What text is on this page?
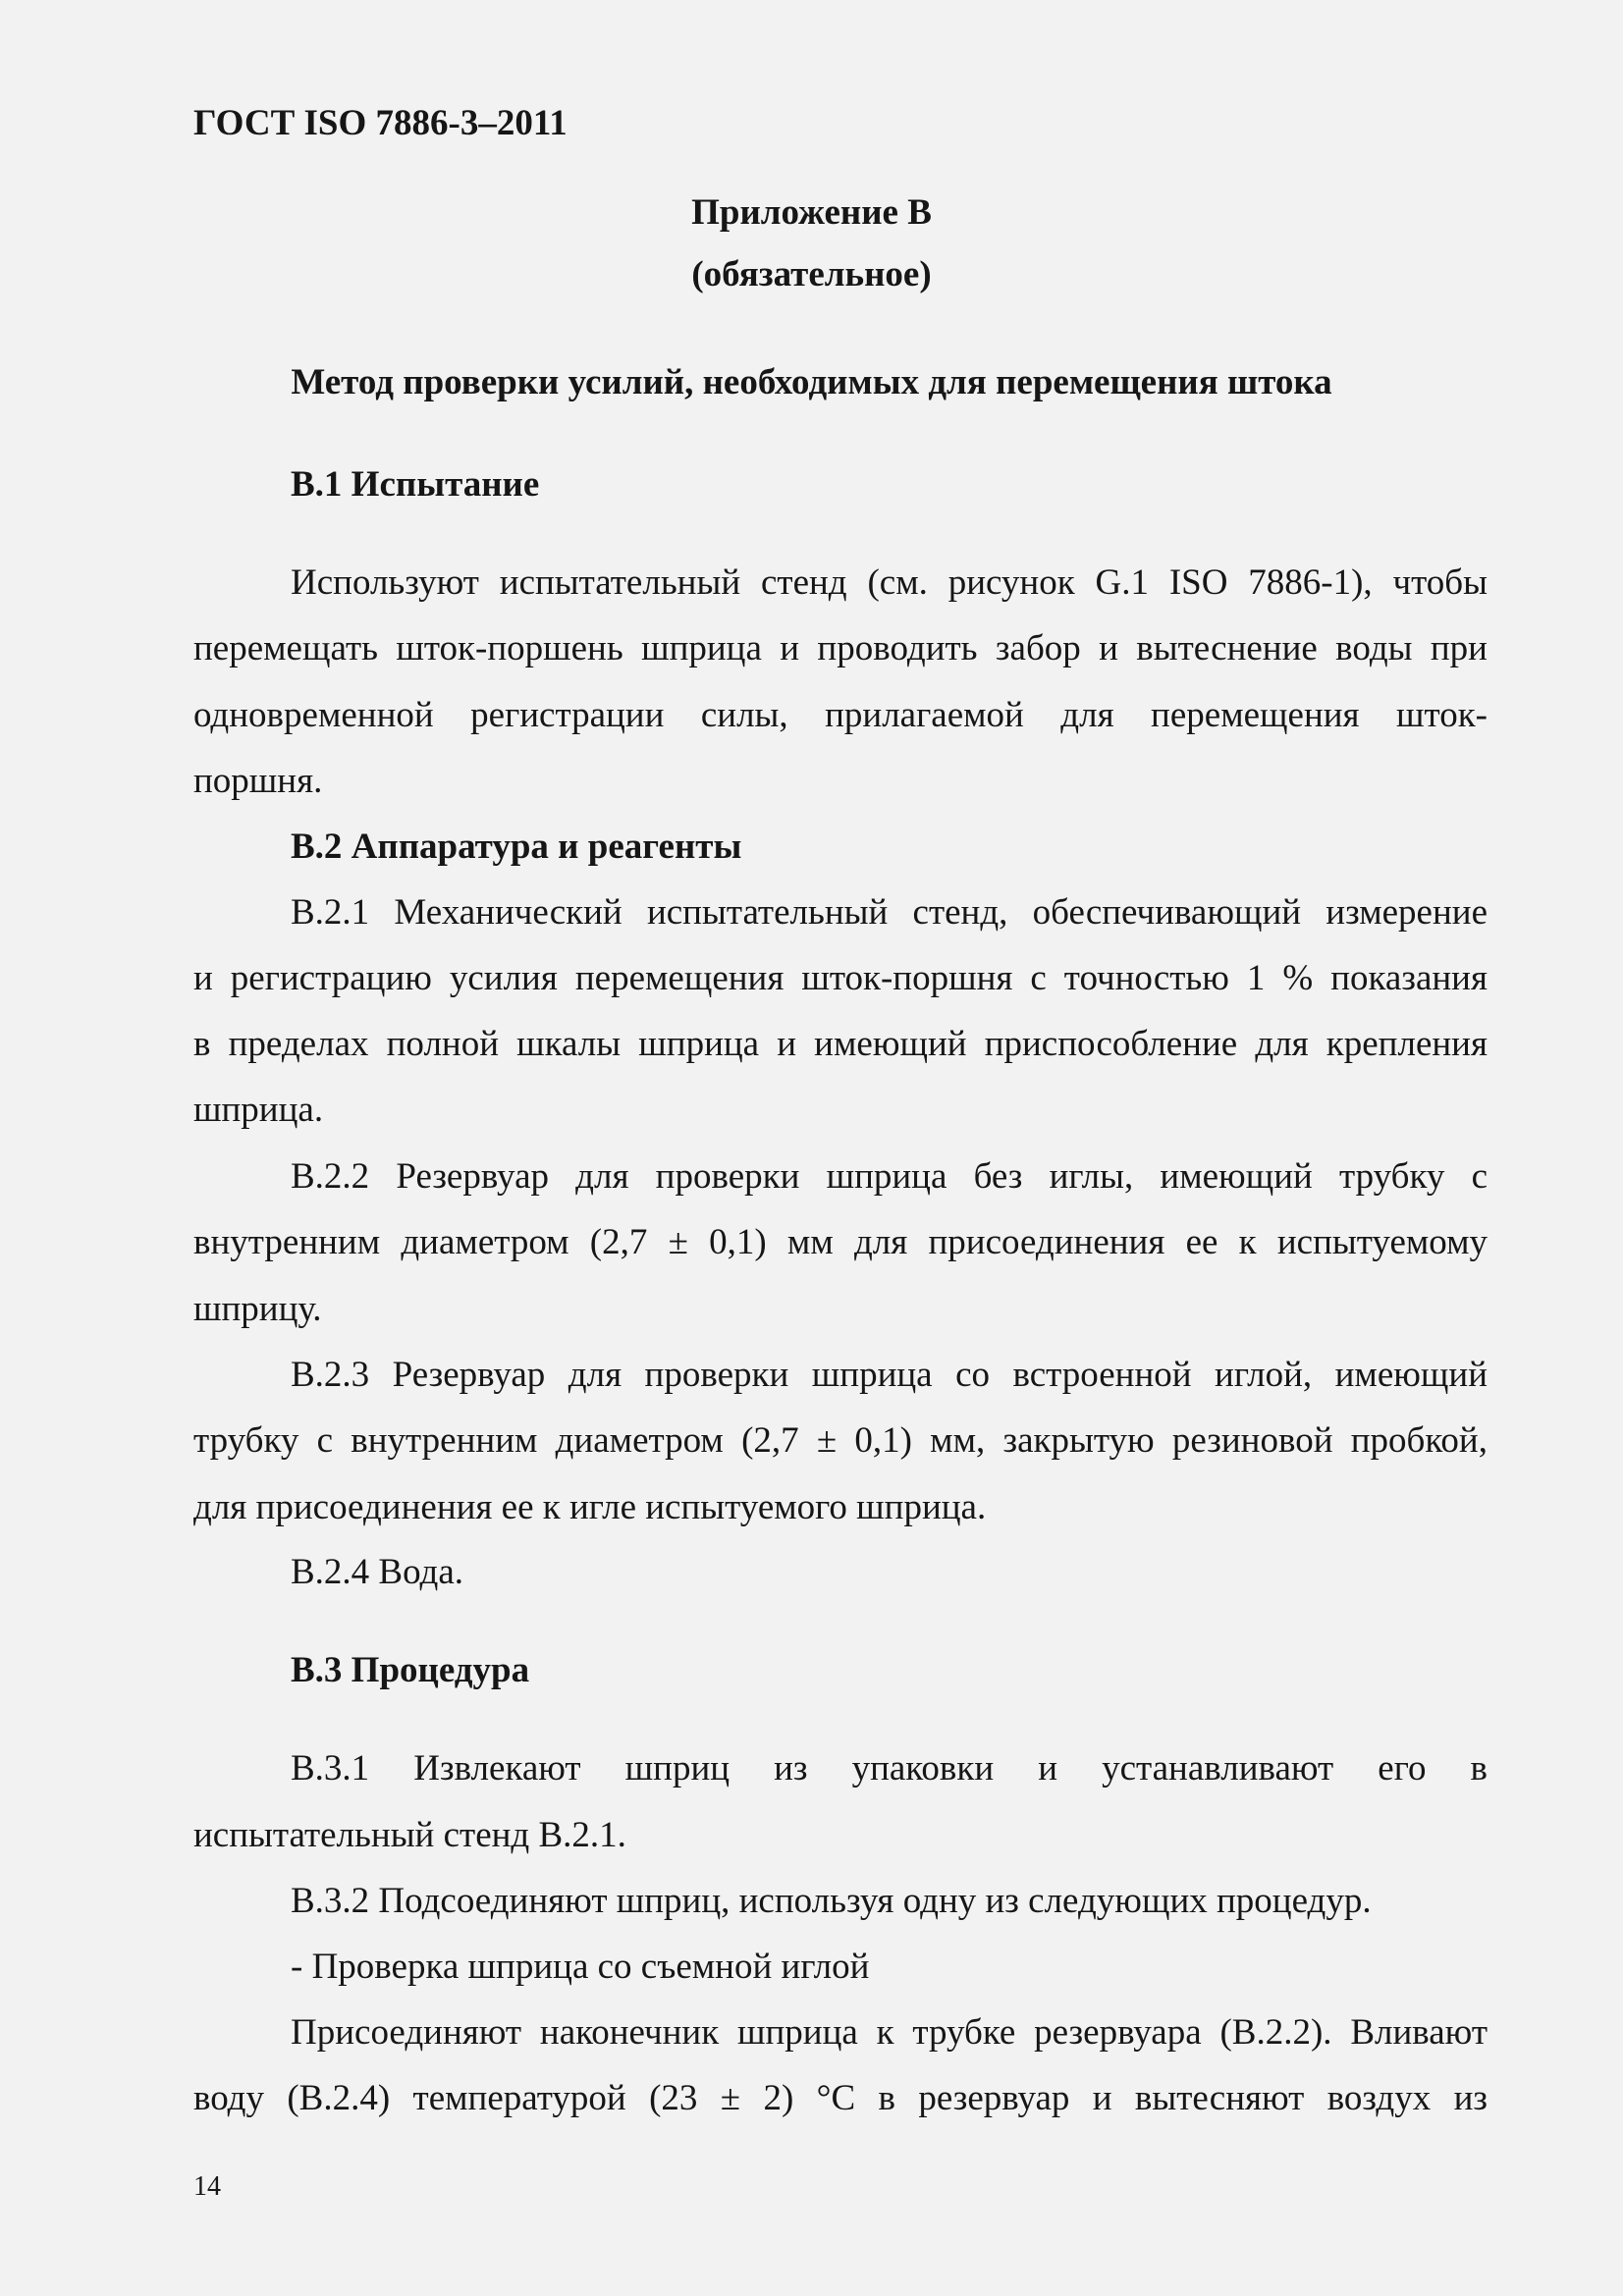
ГОСТ ISO 7886-3–2011

Приложение В

(обязательное)

Метод проверки усилий, необходимых для перемещения штока

В.1 Испытание

Используют испытательный стенд (см. рисунок G.1 ISO 7886-1), чтобы

перемещать шток-поршень шприца и проводить забор и вытеснение воды при

одновременной регистрации силы, прилагаемой для перемещения шток-

поршня.

В.2 Аппаратура и реагенты

В.2.1 Механический испытательный стенд, обеспечивающий измерение

и регистрацию усилия перемещения шток-поршня с точностью 1 % показания

в пределах полной шкалы шприца и имеющий приспособление для крепления

шприца.

В.2.2 Резервуар для проверки шприца без иглы, имеющий трубку с

внутренним диаметром (2,7 ± 0,1) мм для присоединения ее к испытуемому

шприцу.

В.2.3 Резервуар для проверки шприца со встроенной иглой, имеющий

трубку с внутренним диаметром (2,7 ± 0,1) мм, закрытую резиновой пробкой,

для присоединения ее к игле испытуемого шприца.

В.2.4 Вода.

В.3 Процедура

В.3.1 Извлекают шприц из упаковки и устанавливают его в

испытательный стенд В.2.1.

В.3.2 Подсоединяют шприц, используя одну из следующих процедур.

- Проверка шприца со съемной иглой

Присоединяют наконечник шприца к трубке резервуара (В.2.2). Вливают

воду (В.2.4) температурой (23 ± 2) °С в резервуар и вытесняют воздух из

14
